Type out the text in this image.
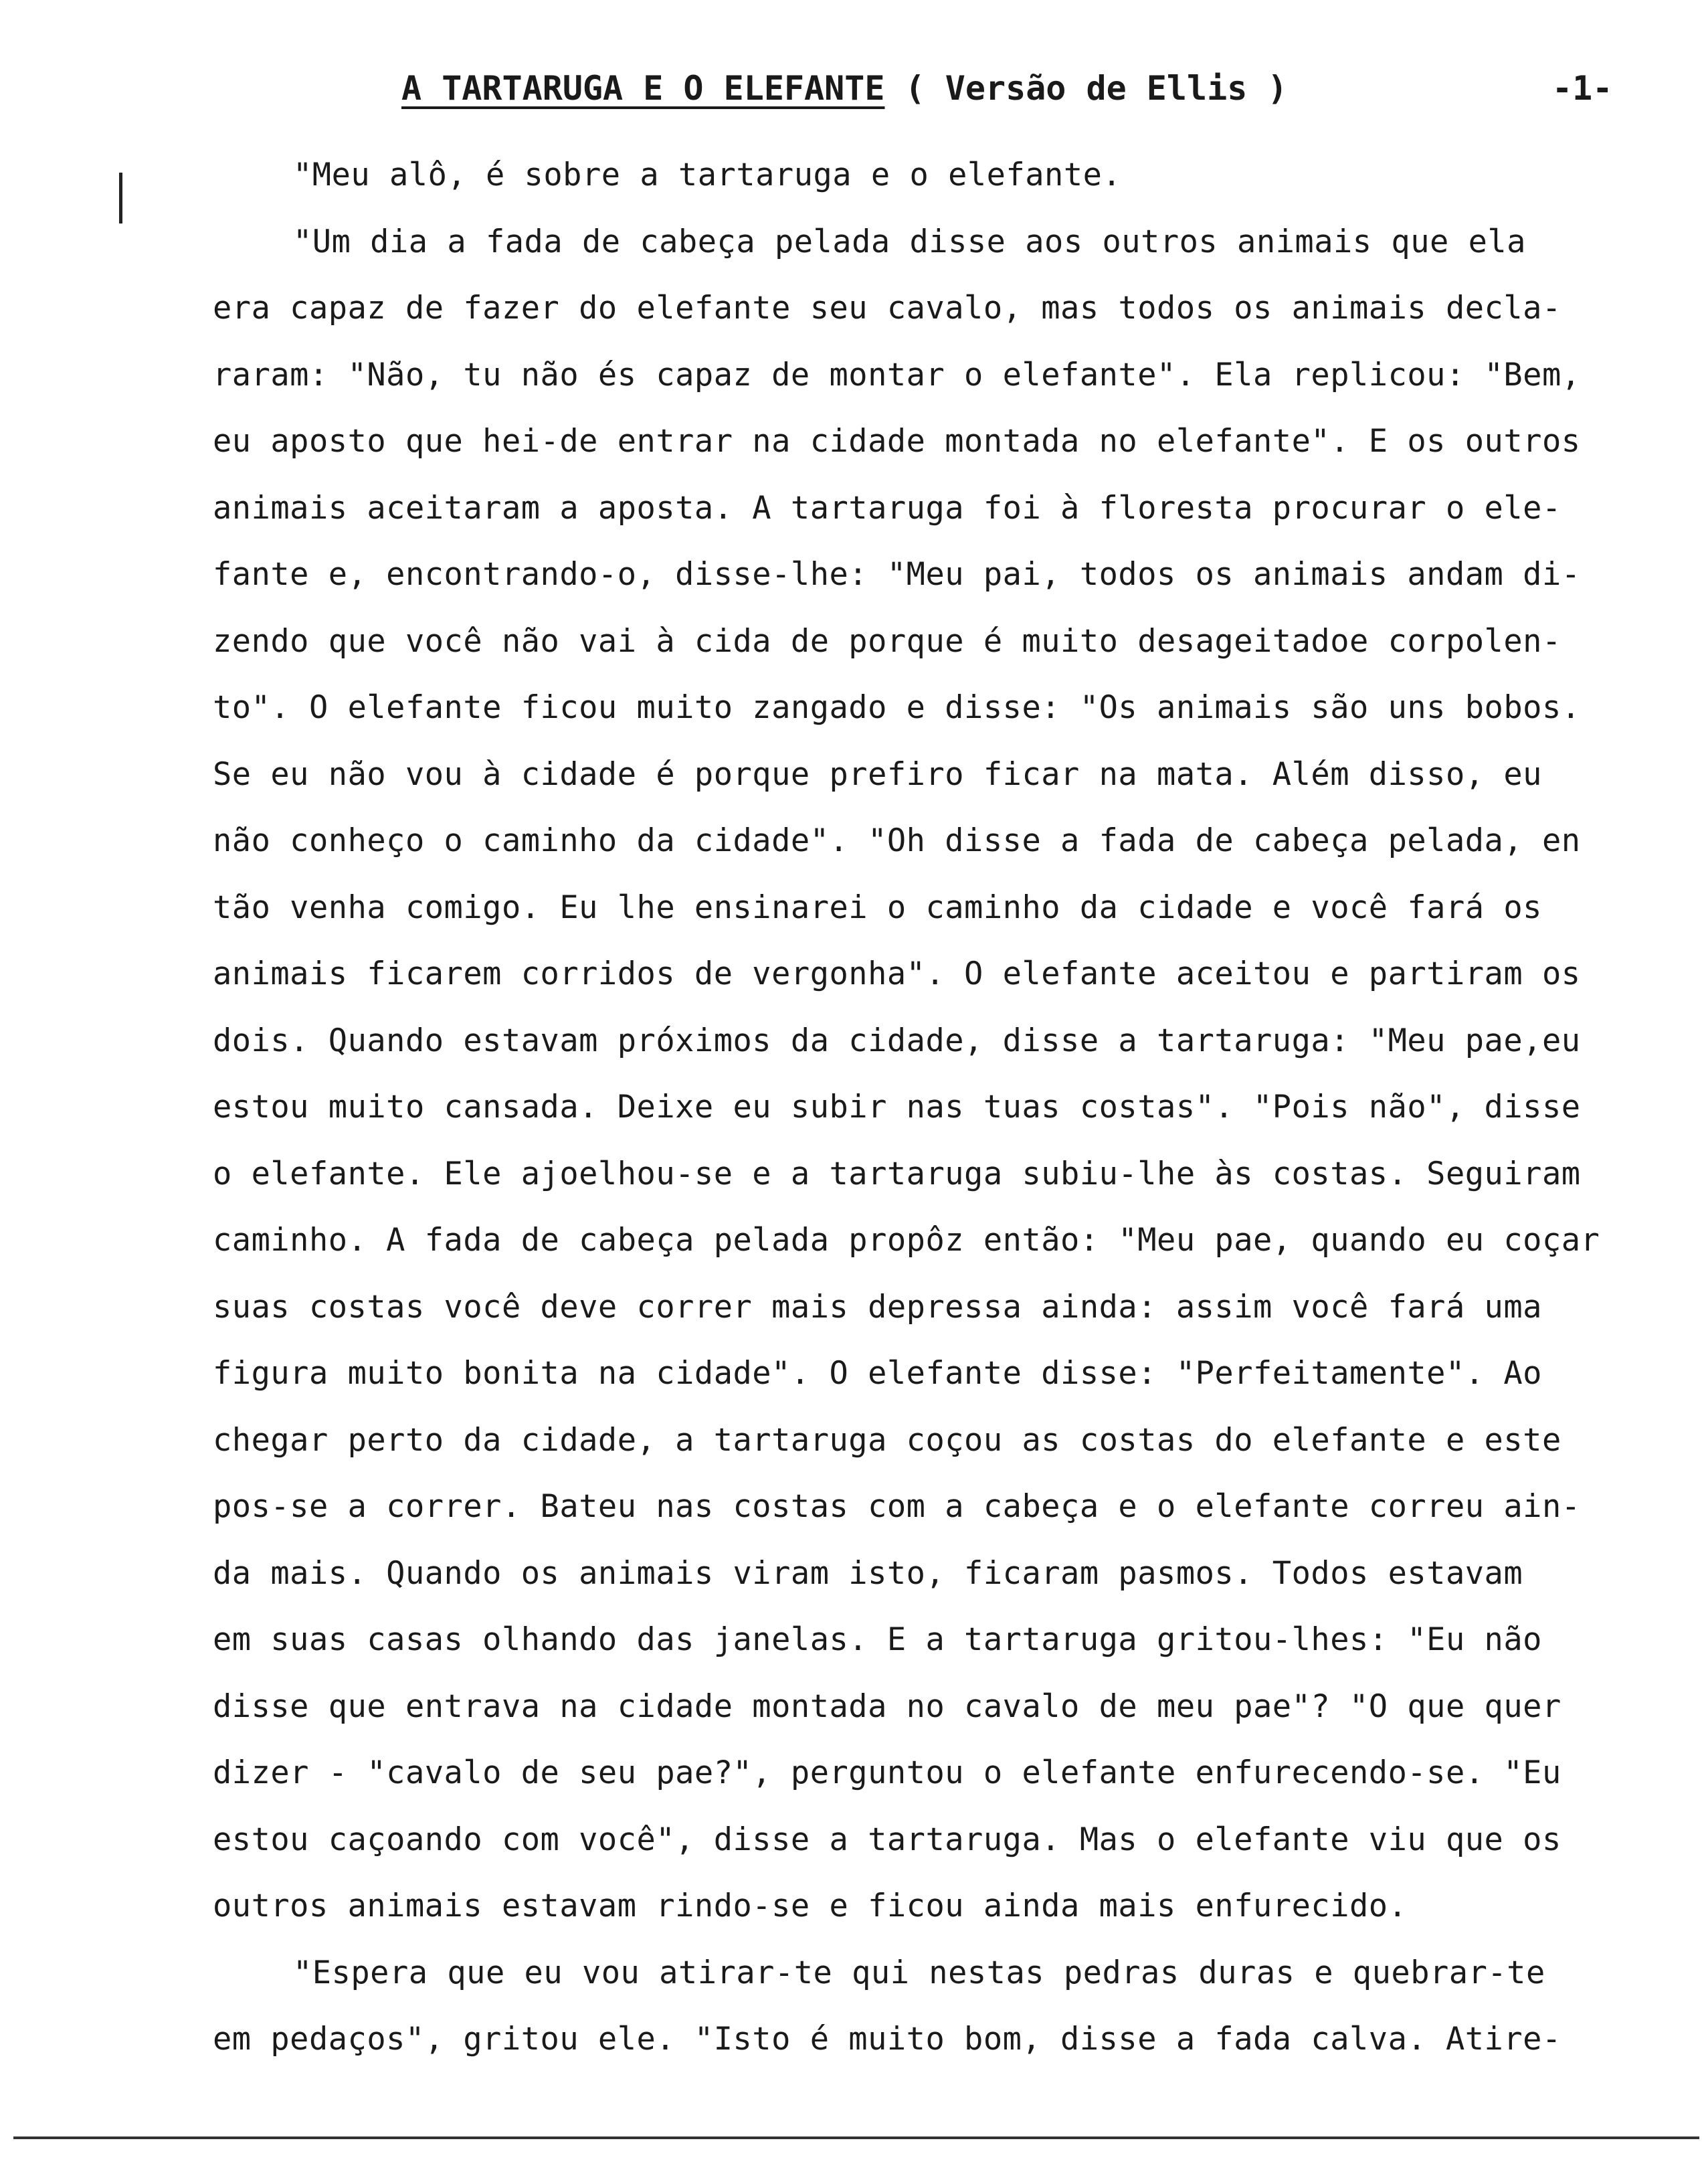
A TARTARUGA E O ELEFANTE ( Versão de Ellis )	-1-
"Meu alô, é sobre a tartaruga e o elefante.
"Um dia a fada de cabeça pelada disse aos outros animais que ela
era capaz de fazer do elefante seu cavalo, mas todos os animais decla-
raram: "Não, tu não és capaz de montar o elefante". Ela replicou: "Bem,
eu aposto que hei-de entrar na cidade montada no elefante". E os outros
animais aceitaram a aposta. A tartaruga foi à floresta procurar o ele-
fante e, encontrando-o, disse-lhe: "Meu pai, todos os animais andam di-
zendo que você não vai à cida de porque é muito desageitadoe corpolen-
to". O elefante ficou muito zangado e disse: "Os animais são uns bobos.
Se eu não vou à cidade é porque prefiro ficar na mata. Além disso, eu
não conheço o caminho da cidade". "Oh disse a fada de cabeça pelada, en
tão venha comigo. Eu lhe ensinarei o caminho da cidade e você fará os
animais ficarem corridos de vergonha". O elefante aceitou e partiram os
dois. Quando estavam próximos da cidade, disse a tartaruga: "Meu pae,eu
estou muito cansada. Deixe eu subir nas tuas costas". "Pois não", disse
o elefante. Ele ajoelhou-se e a tartaruga subiu-lhe às costas. Seguiram
caminho. A fada de cabeça pelada propôz então: "Meu pae, quando eu coçar
suas costas você deve correr mais depressa ainda: assim você fará uma
figura muito bonita na cidade". O elefante disse: "Perfeitamente". Ao
chegar perto da cidade, a tartaruga coçou as costas do elefante e este
pos-se a correr. Bateu nas costas com a cabeça e o elefante correu ain-
da mais. Quando os animais viram isto, ficaram pasmos. Todos estavam
em suas casas olhando das janelas. E a tartaruga gritou-lhes: "Eu não
disse que entrava na cidade montada no cavalo de meu pae"? "O que quer
dizer - "cavalo de seu pae?", perguntou o elefante enfurecendo-se. "Eu
estou caçoando com você", disse a tartaruga. Mas o elefante viu que os
outros animais estavam rindo-se e ficou ainda mais enfurecido.
"Espera que eu vou atirar-te qui nestas pedras duras e quebrar-te
em pedaços", gritou ele. "Isto é muito bom, disse a fada calva. Atire-
